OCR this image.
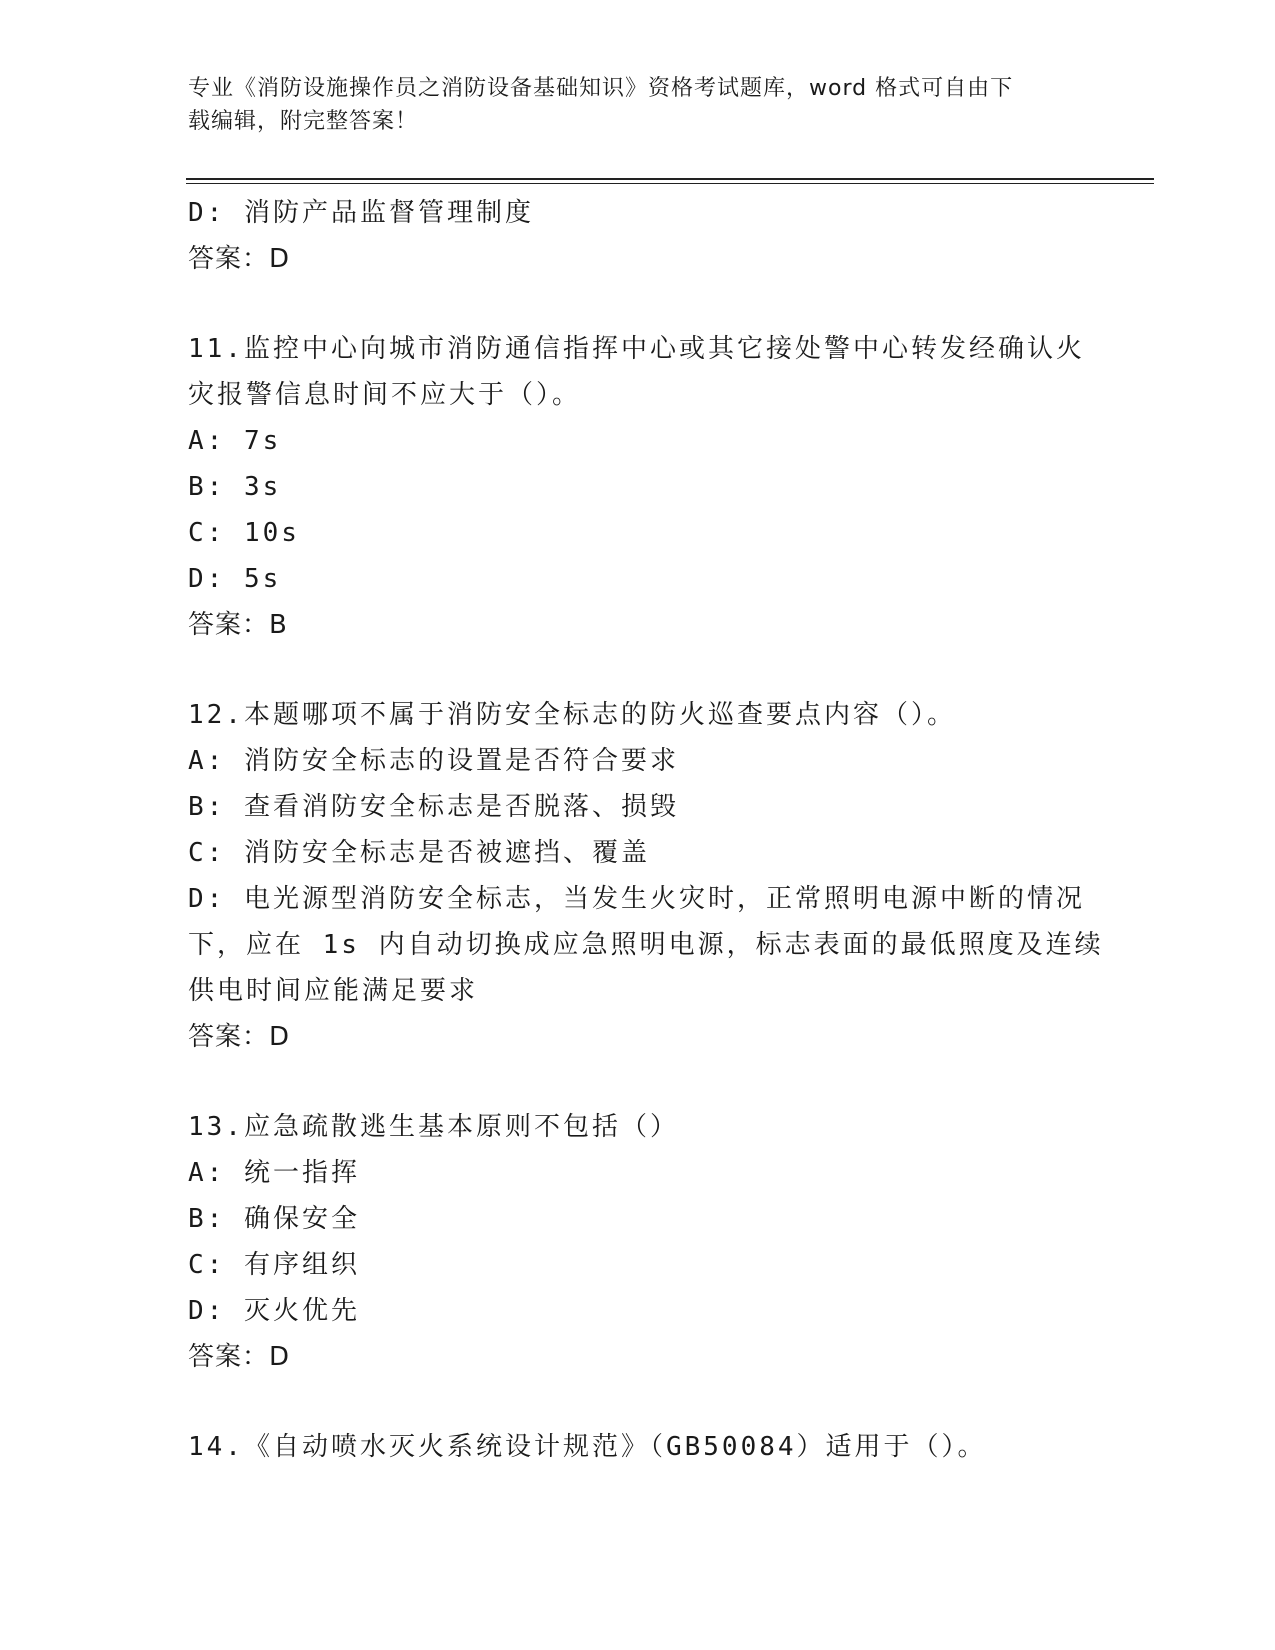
专业《消防设施操作员之消防设备基础知识》资格考试题库，word 格式可自由下
载编辑，附完整答案！
D: 消防产品监督管理制度
答案：D
11.监控中心向城市消防通信指挥中心或其它接处警中心转发经确认火
灾报警信息时间不应大于（）。
A: 7s
B: 3s
C: 10s
D: 5s
答案：B
12.本题哪项不属于消防安全标志的防火巡查要点内容（）。
A: 消防安全标志的设置是否符合要求
B: 查看消防安全标志是否脱落、损毁
C: 消防安全标志是否被遮挡、覆盖
D: 电光源型消防安全标志，当发生火灾时，正常照明电源中断的情况
下，应在 1s 内自动切换成应急照明电源，标志表面的最低照度及连续
供电时间应能满足要求
答案：D
13.应急疏散逃生基本原则不包括（）
A: 统一指挥
B: 确保安全
C: 有序组织
D: 灭火优先
答案：D
14.《自动喷水灭火系统设计规范》（GB50084）适用于（）。
